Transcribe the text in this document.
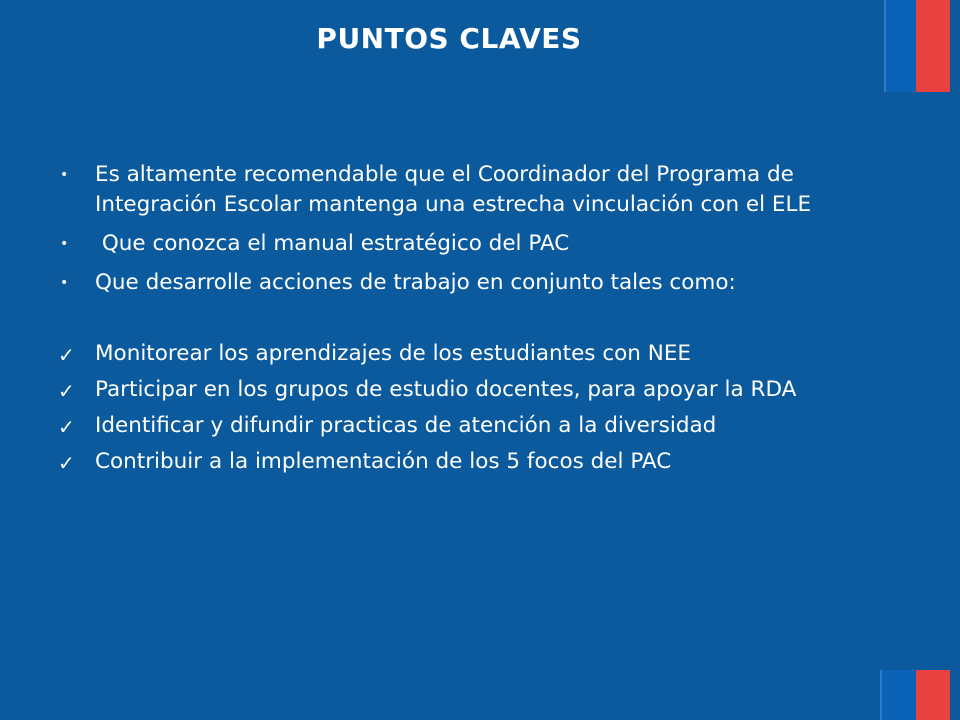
PUNTOS CLAVES
• Es altamente recomendable que el Coordinador del Programa de Integración Escolar mantenga una estrecha vinculación con el ELE
• Que conozca el manual estratégico del PAC
• Que desarrolle acciones de trabajo en conjunto tales como:
✓ Monitorear los aprendizajes de los estudiantes con NEE
✓ Participar en los grupos de estudio docentes, para apoyar la RDA
✓ Identificar y difundir practicas de atención a la diversidad
✓ Contribuir a la implementación de los 5 focos del PAC
